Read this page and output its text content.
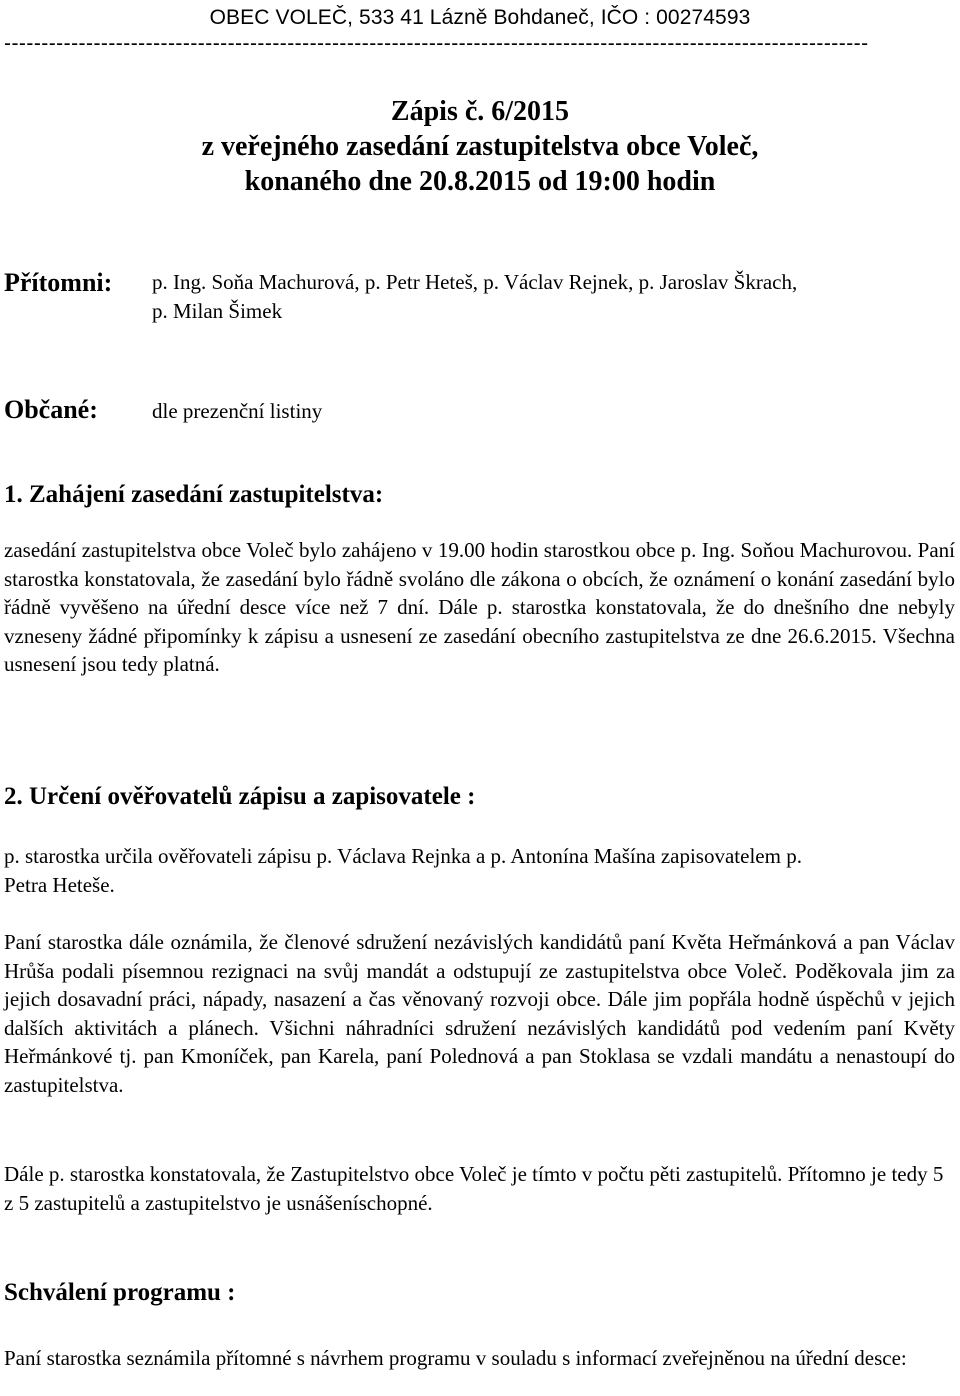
OBEC VOLEČ, 533 41 Lázně Bohdaneč, IČO : 00274593
--------------------------------------------------------------------------------------------------------------------
Zápis č. 6/2015
z veřejného zasedání zastupitelstva obce Voleč,
konaného dne 20.8.2015 od 19:00 hodin
Přítomni: p. Ing. Soňa Machurová, p. Petr Heteš, p. Václav Rejnek, p. Jaroslav Škrach,
p. Milan Šimek
Občané:	dle prezenční listiny
1. Zahájení zasedání zastupitelstva:
zasedání zastupitelstva obce Voleč bylo zahájeno v 19.00 hodin starostkou obce p. Ing. Soňou Machurovou. Paní starostka konstatovala, že zasedání bylo řádně svoláno dle zákona o obcích, že oznámení o konání zasedání bylo řádně vyvěšeno na úřední desce více než 7 dní. Dále p. starostka konstatovala, že do dnešního dne nebyly vzneseny žádné připomínky k zápisu a usnesení ze zasedání obecního zastupitelstva ze dne 26.6.2015. Všechna usnesení jsou tedy platná.
2. Určení ověřovatelů zápisu a zapisovatele :
p. starostka určila ověřovateli zápisu p. Václava Rejnka a p. Antonína Mašína zapisovatelem p. Petra Heteše.
Paní starostka dále oznámila, že členové sdružení nezávislých kandidátů paní Květa Heřmánková a pan Václav Hrůša podali písemnou rezignaci na svůj mandát a odstupují ze zastupitelstva obce Voleč. Poděkovala jim za jejich dosavadní práci, nápady, nasazení a čas věnovaný rozvoji obce. Dále jim popřála hodně úspěchů v jejich dalších aktivitách a plánech. Všichni náhradníci sdružení nezávislých kandidátů pod vedením paní Květy Heřmánkové tj. pan Kmoníček, pan Karela, paní Polednová a pan Stoklasa se vzdali mandátu a nenastoupí do zastupitelstva.
Dále p. starostka konstatovala, že Zastupitelstvo obce Voleč je tímto v počtu pěti zastupitelů. Přítomno je tedy 5 z 5 zastupitelů a zastupitelstvo je usnášeníschopné.
Schválení programu :
Paní starostka seznámila přítomné s návrhem programu v souladu s informací zveřejněnou na úřední desce:
